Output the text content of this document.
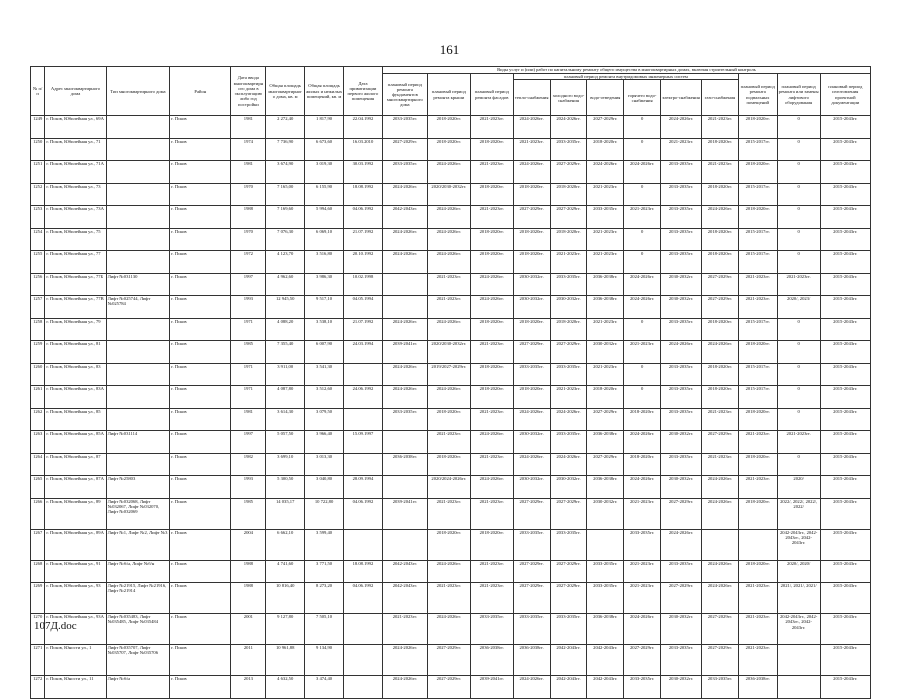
161
№ п/п	Адрес многоквартирного дома	Тип многоквартирного дома	Район	Дата ввода многоквартирного дома в эксплуатацию либо год постройки	Общая площадь многоквартирного дома, кв. м	Общая площадь жилых и нежилых помещений, кв. м	Дата приватизации первого жилого помещения	Виды услуг и (или) работ по капитальному ремонту общего имущества в многоквартирных домах, включая строительный контроль											
								плановый период ремонта фундаментов многоквартирного дома	плановый период ремонта крыши	плановый период ремонта фасадов	плановый период ремонта внутридомовых инженерных систем						плановый период ремонта подвальных помещений	плановый период ремонта или замены лифтового оборудования	плановый период изготовления проектной документации
											тепло-снабжения	холодного водо-снабжения	водо-отведения	горячего водо-снабжения	электро-снабжения	газо-снабжения			
1249	г. Псков, Юбилейная ул., 69А		г. Псков	1981	2 272,40	1 817,90	22.04.1992	2033-2035гг.	2018-2020гг.	2021-2023гг.	2024-2026гг.	2024-2026гг.	2027-2029гг.	0	2024-2026гг.	2021-2023гг.	2018-2020гг.	0	2015-2043гг.
1250	г. Псков, Юбилейная ул., 71		г. Псков	1974	7 736,90	6 673,60	16.03.2010	2027-2029гг.	2018-2020гг.	2018-2020гг.	2021-2023гг.	2033-2035гг.	2018-2020гг.	0	2021-2023гг.	2018-2020гг.	2015-2017гг.	0	2015-2043гг.
1251	г. Псков, Юбилейная ул., 71А		г. Псков	1981	3 674,90	3 019,30	30.03.1992	2033-2035гг.	2024-2026гг.	2021-2023гг.	2024-2026гг.	2027-2029гг.	2024-2026гг.	2024-2026гг.	2033-2035гг.	2021-2023гг.	2018-2020гг.	0	2015-2043гг.
1252	г. Псков, Юбилейная ул., 73		г. Псков	1970	7 165,00	6 155,90	18.08.1992	2024-2026гг.	2020/2030-2032гг.	2018-2020гг.	2018-2020гг.	2018-2020гг.	2021-2023гг.	0	2033-2035гг.	2018-2020гг.	2015-2017гг.	0	2015-2043гг.
1253	г. Псков, Юбилейная ул., 73А		г. Псков	1988	7 169,60	5 994,60	04.06.1992	2042-2043гг.	2024-2026гг.	2021-2023гг.	2027-2029гг.	2027-2029гг.	2033-2035гг.	2021-2023гг.	2033-2035гг.	2024-2026гг.	2018-2020гг.	0	2015-2043гг.
1254	г. Псков, Юбилейная ул., 75		г. Псков	1970	7 076,30	6 069,10	21.07.1992	2024-2026гг.	2024-2026гг.	2018-2020гг.	2018-2020гг.	2018-2020гг.	2021-2023гг.	0	2033-2035гг.	2018-2020гг.	2015-2017гг.	0	2015-2043гг.
1255	г. Псков, Юбилейная ул., 77		г. Псков	1972	4 123,70	3 516,80	20.10.1992	2024-2026гг.	2024-2026гг.	2018-2020гг.	2018-2020гг.	2021-2023гг.	2021-2023гг.	0	2033-2035гг.	2018-2020гг.	2015-2017гг.	0	2015-2043гг.
1256	г. Псков, Юбилейная ул., 77Б	Лифт №031130	г. Псков	1997	4 962,60	3 986,30	10.02.1998		2021-2023гг.	2024-2026гг.	2030-2032гг.	2033-2035гг.	2036-2038гг.	2024-2026гг.	2030-2032гг.	2027-2029гг.	2021-2023гг.	2021-2023гг.	2015-2043гг.
1257	г. Псков, Юбилейная ул., 77В	Лифт №025744, Лифт №025784	г. Псков	1993	12 945,50	9 517,10	04.05.1994		2021-2023гг.	2024-2026гг.	2030-2032гг.	2030-2032гг.	2036-2038гг.	2024-2026гг.	2030-2032гг.	2027-2029гг.	2021-2023гг.	2020/, 2023/	2015-2043гг.
1258	г. Псков, Юбилейная ул., 79		г. Псков	1971	4 088,20	3 538,10	21.07.1992	2024-2026гг.	2024-2026гг.	2018-2020гг.	2018-2020гг.	2018-2020гг.	2021-2023гг.	0	2033-2035гг.	2018-2020гг.	2015-2017гг.	0	2015-2043гг.
1259	г. Псков, Юбилейная ул., 81		г. Псков	1985	7 355,40	6 007,90	24.03.1994	2039-2041гг.	2020/2030-2032гг.	2021-2023гг.	2027-2029гг.	2027-2029гг.	2030-2032гг.	2021-2023гг.	2024-2026гг.	2024-2026гг.	2018-2020гг.	0	2015-2043гг.
1260	г. Псков, Юбилейная ул., 83		г. Псков	1971	3 911,00	3 541,30		2024-2026гг.	2019/2027-2029гг.	2018-2020гг.	2033-2035гг.	2033-2035гг.	2021-2023гг.	0	2033-2035гг.	2018-2020гг.	2015-2017гг.	0	2015-2043гг.
1261	г. Псков, Юбилейная ул., 83А		г. Псков	1971	4 087,80	3 512,60	24.06.1992	2024-2026гг.	2024-2026гг.	2018-2020гг.	2018-2020гг.	2021-2023гг.	2018-2020гг.	0	2033-2035гг.	2018-2020гг.	2015-2017гг.	0	2015-2043гг.
1262	г. Псков, Юбилейная ул., 85		г. Псков	1981	3 614,30	3 079,50		2033-2035гг.	2018-2020гг.	2021-2023гг.	2024-2026гг.	2024-2026гг.	2027-2029гг.	2018-2020гг.	2033-2035гг.	2021-2023гг.	2018-2020гг.	0	2015-2043гг.
1263	г. Псков, Юбилейная ул., 85А	Лифт №031114	г. Псков	1997	5 057,50	3 966,40	15.09.1997		2021-2023гг.	2024-2026гг.	2030-2032гг.	2033-2035гг.	2036-2038гг.	2024-2026гг.	2030-2032гг.	2027-2029гг.	2021-2023гг.	2021-2023гг.	2015-2043гг.
1264	г. Псков, Юбилейная ул., 87		г. Псков	1982	3 699,10	3 013,30		2036-2038гг.	2018-2020гг.	2021-2023гг.	2024-2026гг.	2024-2026гг.	2027-2029гг.	2018-2020гг.	2033-2035гг.	2021-2023гг.	2018-2020гг.	0	2015-2043гг.
1265	г. Псков, Юбилейная ул., 87А	Лифт №25803	г. Псков	1993	5 300,50	3 040,80	28.09.1994		2020/2024-2026гг.	2024-2026гг.	2030-2032гг.	2030-2032гг.	2036-2038гг.	2024-2026гг.	2030-2032гг.	2024-2026гг.	2021-2023гг.	2020/	2015-2043гг.
1266	г. Псков, Юбилейная ул., 89	Лифт №032068, Лифт №032067, Лифт №032070, Лифт №032069	г. Псков	1985	14 035,17	10 722,80	04.06.1992	2039-2041гг.	2021-2023гг.	2021-2023гг.	2027-2029гг.	2027-2029гг.	2030-2032гг.	2021-2023гг.	2027-2029гг.	2024-2026гг.	2018-2020гг.	2022/, 2022/, 2022/, 2022/	2015-2043гг.
1267	г. Псков, Юбилейная ул., 89А	Лифт №1, Лифт №2, Лифт №3	г. Псков	2004	6 662,10	3 599,40			2018-2020гг.	2018-2020гг.	2033-2035гг.	2033-2035гг.		2033-2035гг.	2024-2026гг.			2042-2043гг., 2042-2043гг., 2042-2043гг.	2015-2043гг.
1268	г. Псков, Юбилейная ул., 91	Лифт №б/н, Лифт №б/н	г. Псков	1988	4 741,60	3 771,50	18.08.1992	2042-2043гг.	2024-2026гг.	2021-2023гг.	2027-2029гг.	2027-2029гг.	2033-2035гг.	2021-2023гг.	2033-2035гг.	2024-2026гг.	2018-2020гг.	2020/, 2020/	2015-2043гг.
1269	г. Псков, Юбилейная ул., 93	Лифт №21915, Лифт №21916, Лифт №21914	г. Псков	1988	10 816,40	8 273,20	04.06.1992	2042-2043гг.	2021-2023гг.	2021-2023гг.	2027-2029гг.	2027-2029гг.	2033-2035гг.	2021-2023гг.	2027-2029гг.	2024-2026гг.	2021-2023гг.	2021/, 2021/, 2021/	2015-2043гг.
1270	г. Псков, Юбилейная ул., 93А	Лифт №035483, Лифт №035485, Лифт №035484	г. Псков	2001	9 127,80	7 505,10		2021-2023гг.	2024-2026гг.	2033-2035гг.	2033-2035гг.	2033-2035гг.	2036-2038гг.	2024-2026гг.	2030-2032гг.	2027-2029гг.	2021-2023гг.	2042-2043гг., 2042-2043гг., 2042-2043гг.	2015-2043гг.
1271	г. Псков, Юности ул., 1	Лифт №035707, Лифт №035707, Лифт №035706	г. Псков	2011	10 961,88	9 134,90		2024-2026гг.	2027-2029гг.	2036-2038гг.	2036-2038гг.	2042-2043гг.	2042-2043гг.	2027-2029гг.	2033-2035гг.	2027-2029гг.	2021-2023гг.		2015-2043гг.
1272	г. Псков, Юности ул., 11	Лифт №б/н	г. Псков	2013	4 632,50	3 474,40		2024-2026гг.	2027-2029гг.	2039-2041гг.	2024-2026гг.	2042-2043гг.	2042-2043гг.	2033-2035гг.	2030-2032гг.	2033-2035гг.	2036-2038гг.		2015-2043гг.
107Д.doc
